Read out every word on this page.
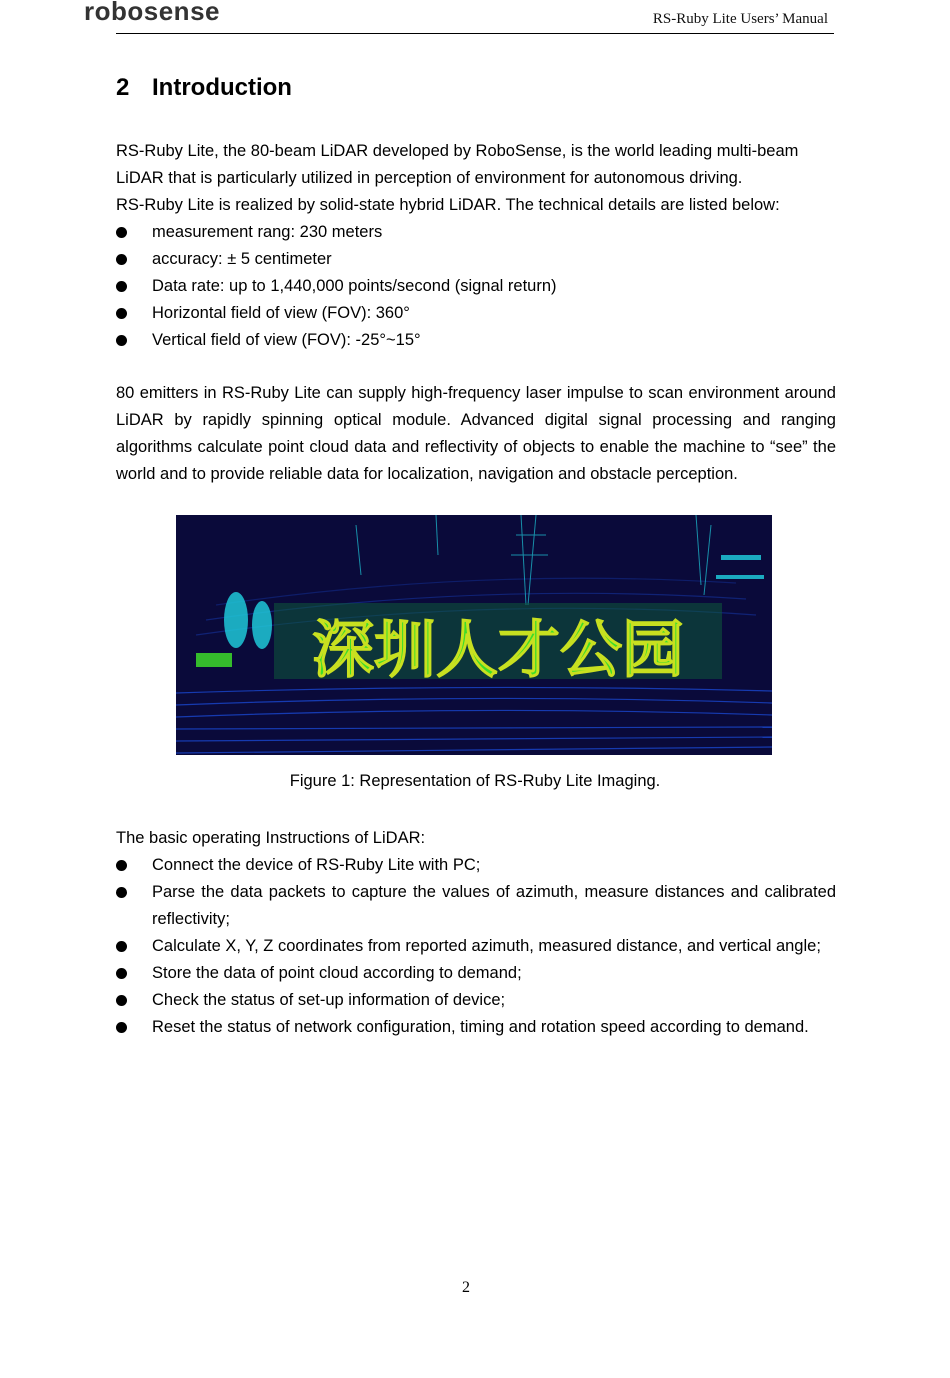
robosense	RS-Ruby Lite Users’ Manual
2 Introduction

RS-Ruby Lite, the 80-beam LiDAR developed by RoboSense, is the world leading multi-beam LiDAR that is particularly utilized in perception of environment for autonomous driving.

RS-Ruby Lite is realized by solid-state hybrid LiDAR. The technical details are listed below:

measurement rang: 230 meters
accuracy: ± 5 centimeter
Data rate: up to 1,440,000 points/second (signal return)
Horizontal field of view (FOV): 360°
Vertical field of view (FOV): -25°~15°

80 emitters in RS-Ruby Lite can supply high-frequency laser impulse to scan environment around LiDAR by rapidly spinning optical module. Advanced digital signal processing and ranging algorithms calculate point cloud data and reflectivity of objects to enable the machine to “see” the world and to provide reliable data for localization, navigation and obstacle perception.

深圳人才公园
Figure 1: Representation of RS-Ruby Lite Imaging.

The basic operating Instructions of LiDAR:

Connect the device of RS-Ruby Lite with PC;
Parse the data packets to capture the values of azimuth, measure distances and calibrated reflectivity;
Calculate X, Y, Z coordinates from reported azimuth, measured distance, and vertical angle;
Store the data of point cloud according to demand;
Check the status of set-up information of device;
Reset the status of network configuration, timing and rotation speed according to demand.
2
